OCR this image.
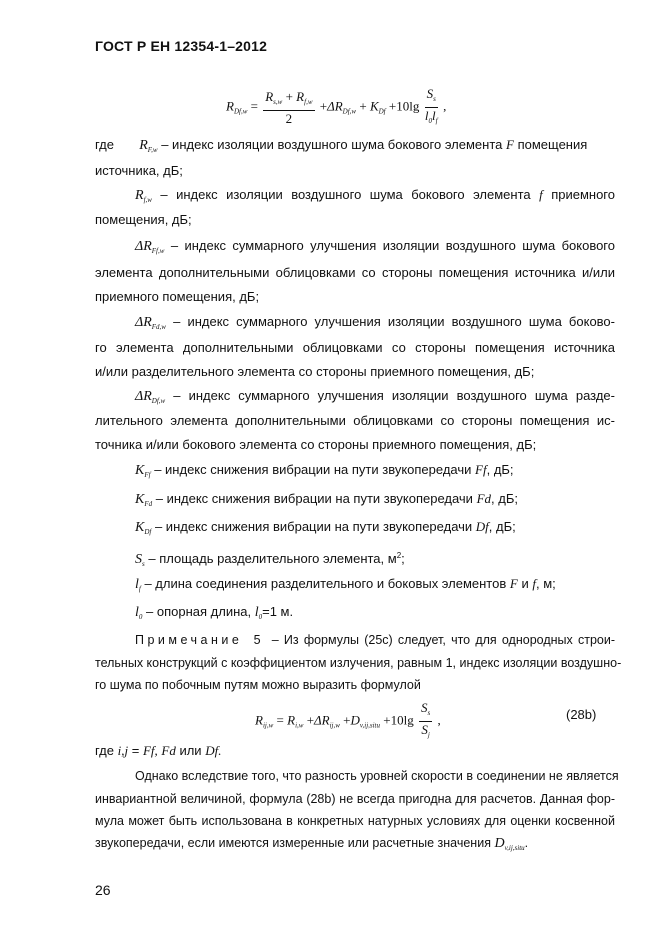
ГОСТ Р ЕН 12354-1–2012
$R_{Df,w} = \frac{R_{s,w} + R_{f,w}}{2} +\Delta R_{Df,w} + K_{Df} +10\lg \frac{S_s}{l_0l_f}$ ,
где $R_{F,w}$ – индекс изоляции воздушного шума бокового элемента F помещения
источника, дБ;
$R_{f,w}$ – индекс изоляции воздушного шума бокового элемента f приемного
помещения, дБ;
$\Delta R_{Ff,w}$ – индекс суммарного улучшения изоляции воздушного шума бокового
элемента дополнительными облицовками со стороны помещения источника и/или
приемного помещения, дБ;
$\Delta R_{Fd,w}$ – индекс суммарного улучшения изоляции воздушного шума боково-
го элемента дополнительными облицовками со стороны помещения источника
и/или разделительного элемента со стороны приемного помещения, дБ;
$\Delta R_{Df,w}$ – индекс суммарного улучшения изоляции воздушного шума разде-
лительного элемента дополнительными облицовками со стороны помещения ис-
точника и/или бокового элемента со стороны приемного помещения, дБ;
$K_{Ff}$ – индекс снижения вибрации на пути звукопередачи Ff, дБ;
$K_{Fd}$ – индекс снижения вибрации на пути звукопередачи Fd, дБ;
$K_{Df}$ – индекс снижения вибрации на пути звукопередачи Df, дБ;
$S_s$ – площадь разделительного элемента, $м^2$;
$l_f$ – длина соединения разделительного и боковых элементов F и f, м;
$l_0$ – опорная длина, $l_0=1$ м.
Примечание 5 – Из формулы (25c) следует, что для однородных строи-
тельных конструкций с коэффициентом излучения, равным 1, индекс изоляции воздушно-
го шума по побочным путям можно выразить формулой
$R_{ij,w} = R_{i,w} +\Delta R_{ij,w} +D_{v,ij,situ} +10\lg \frac{S_s}{S_j}$ ,	(28b)
где i,j = Ff, Fd или Df.
Однако вследствие того, что разность уровней скорости в соединении не является
инвариантной величиной, формула (28b) не всегда пригодна для расчетов. Данная фор-
мула может быть использована в конкретных натурных условиях для оценки косвенной
звукопередачи, если имеются измеренные или расчетные значения $D_{v,ij,situ}$.
26
